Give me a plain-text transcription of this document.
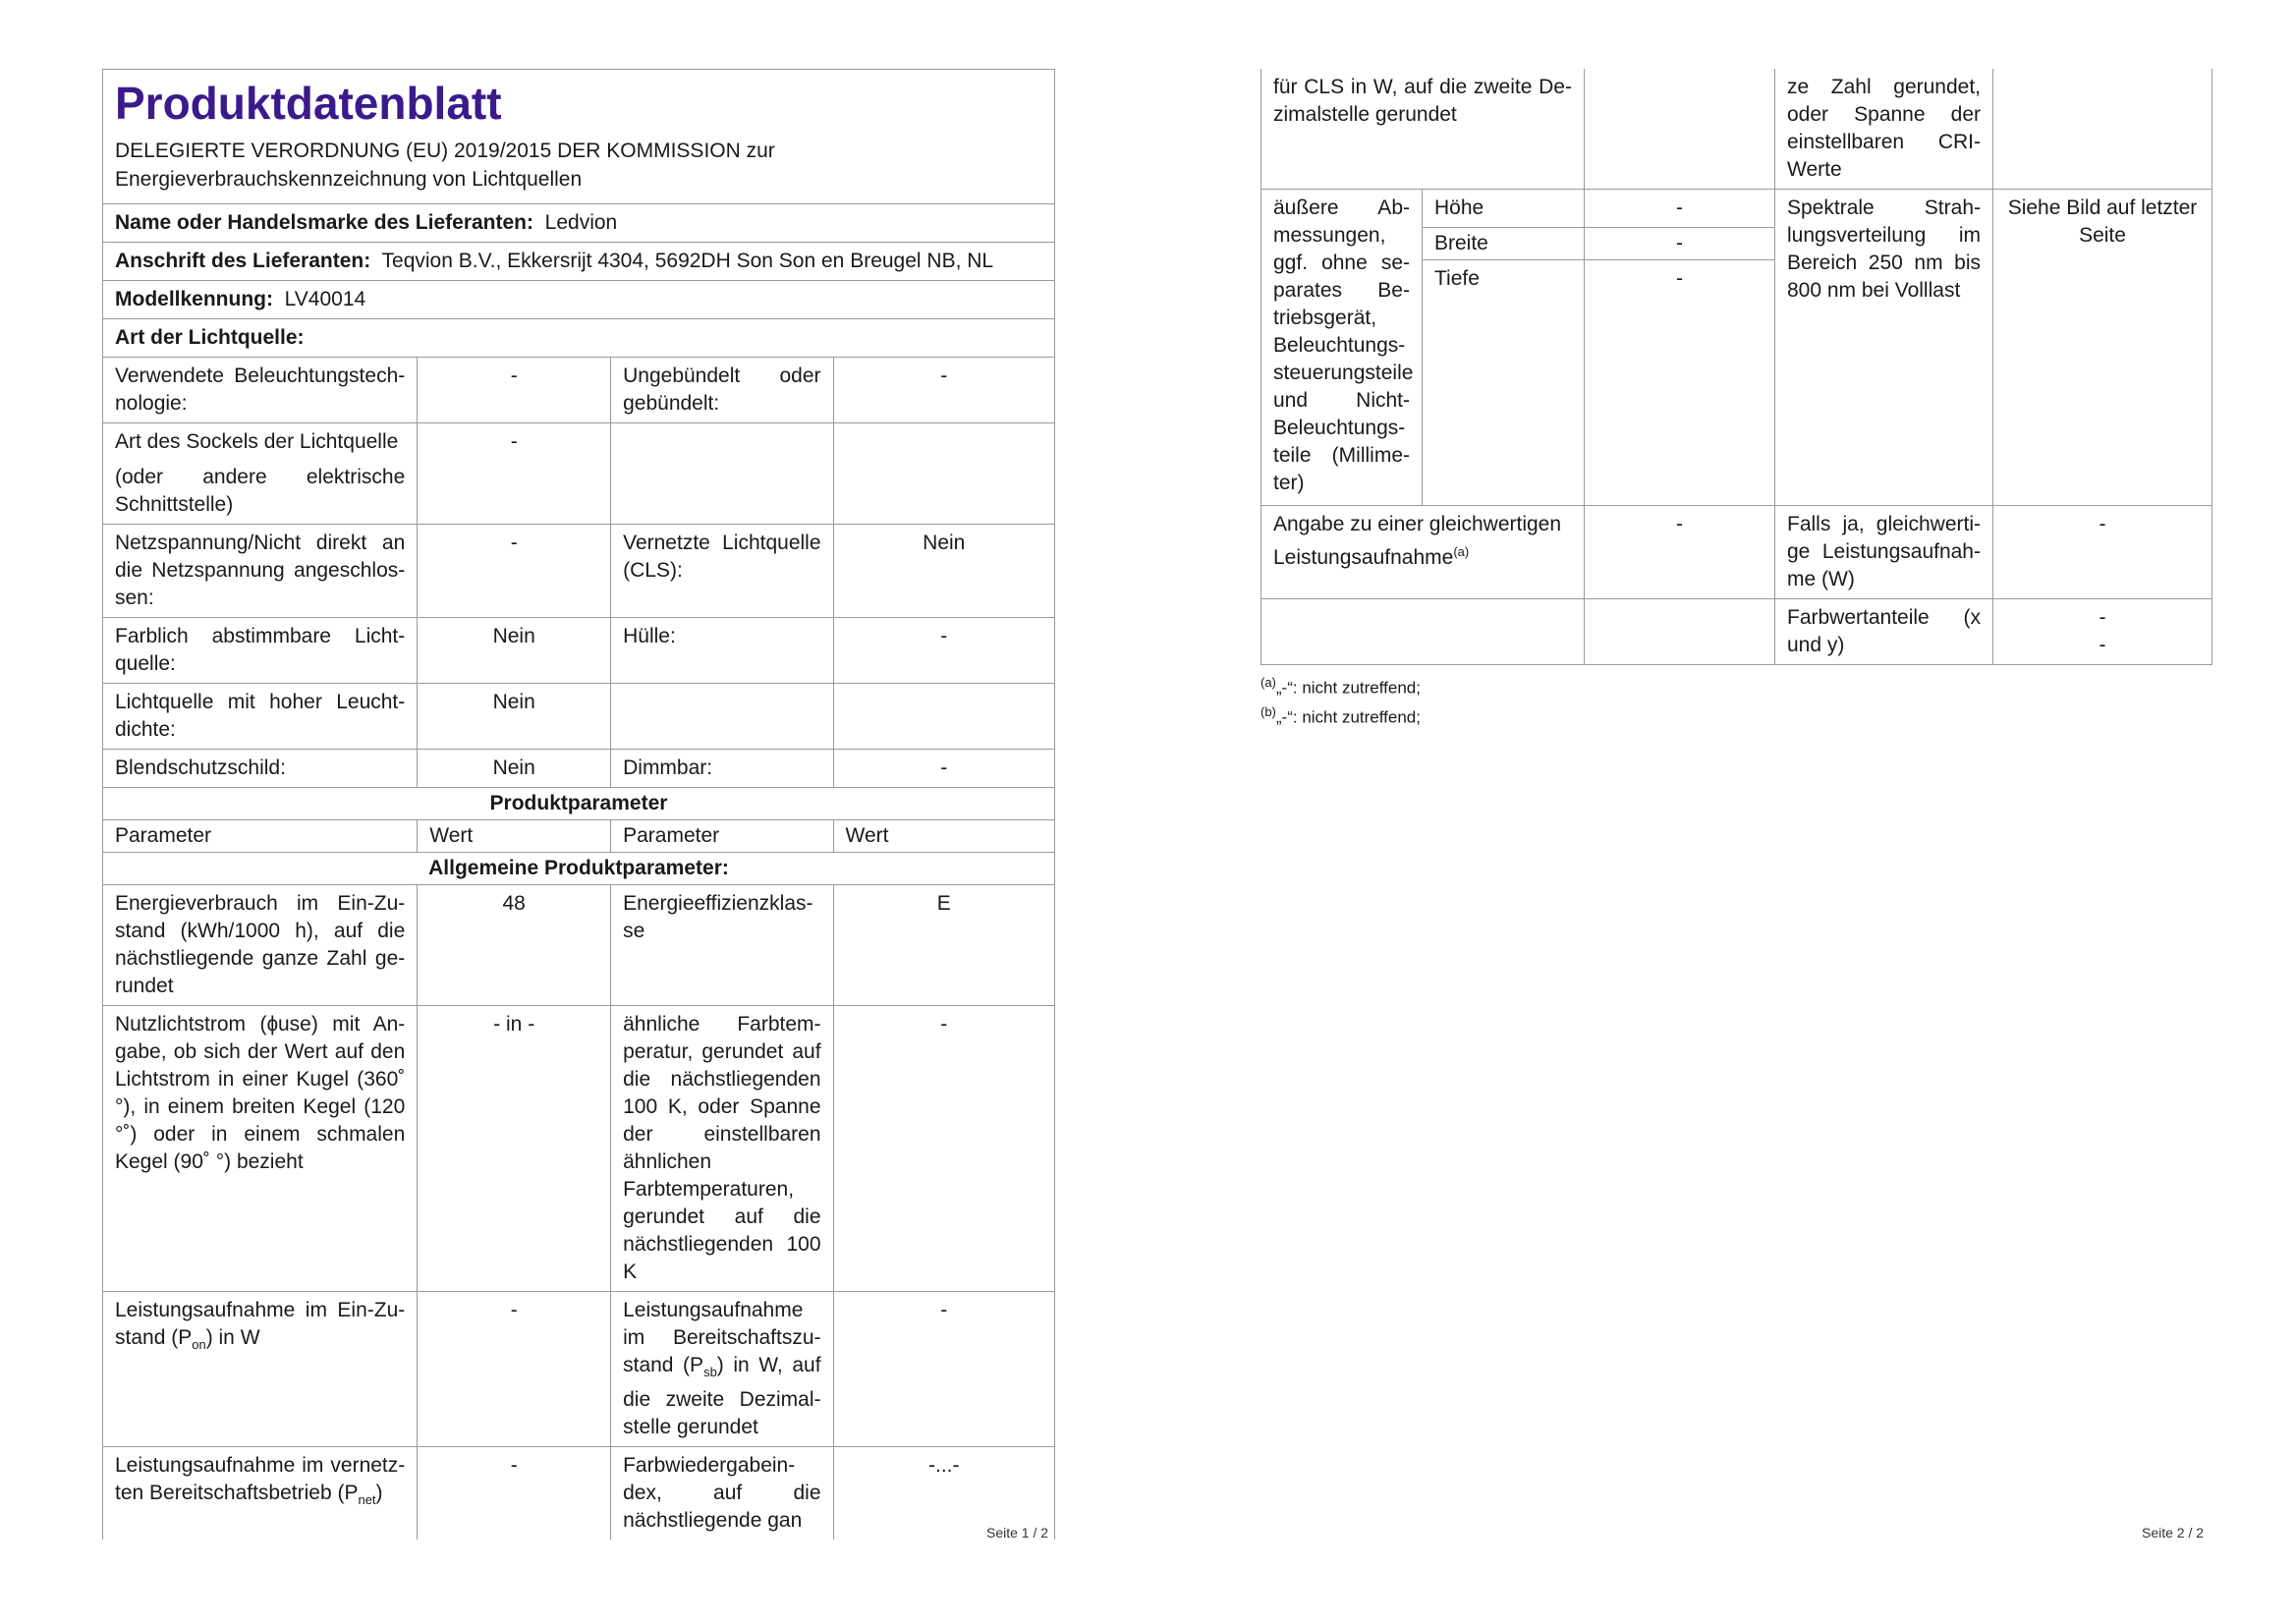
Produktdatenblatt
DELEGIERTE VERORDNUNG (EU) 2019/2015 DER KOMMISSION zur Energieverbrauchskennzeichnung von Lichtquellen			

Name oder Handelsmarke des Lieferanten: Ledvion			
Anschrift des Lieferanten: Teqvion B.V., Ekkersrijt 4304, 5692DH Son Son en Breugel NB, NL			
Modellkennung: LV40014			
Art der Lichtquelle:			
Verwendete Beleuchtungstechnologie:	-	Ungebündelt oder gebündelt:	-

Art des Sockels der Lichtquelle
(oder andere elektrische Schnittstelle)	-		
Netzspannung/Nicht direkt an die Netzspannung angeschlossen:	-	Vernetzte Lichtquelle (CLS):	Nein
Farblich abstimmbare Lichtquelle:	Nein	Hülle:	-
Lichtquelle mit hoher Leuchtdichte:	Nein		
Blendschutzschild:	Nein	Dimmbar:	-
Produktparameter			
Parameter	Wert	Parameter	Wert
Allgemeine Produktparameter:			
Energieverbrauch im Ein-Zustand (kWh/1000 h), auf die nächstliegende ganze Zahl gerundet	48	Energieeffizienzklasse	E
Nutzlichtstrom (ɸuse) mit Angabe, ob sich der Wert auf den Lichtstrom in einer Kugel (360˚ °), in einem breiten Kegel (120 °˚) oder in einem schmalen Kegel (90˚ °) bezieht	- in -	ähnliche Farbtemperatur, gerundet auf die nächstliegenden 100 K, oder Spanne der einstellbaren ähnlichen Farbtemperaturen, gerundet auf die nächstliegenden 100 K	-
Leistungsaufnahme im Ein-Zustand $(P_{on})$ in W	-	Leistungsaufnahme im Bereitschaftszustand $(P_{sb})$ in W, auf die zweite Dezimalstelle gerundet	-
Leistungsaufnahme im vernetzten Bereitschaftsbetrieb $(P_{net})$	-	Farbwiedergabeindex, auf die nächstliegende gan	-...-
Seite 1 / 2
für CLS in W, auf die zweite Dezimalstelle gerundet			ze Zahl gerundet, oder Spanne der einstellbaren CRI-Werte	
äußere Abmessungen, ggf. ohne separates Betriebsgerät, Beleuchtungssteuerungsteile und Nicht-Beleuchtungsteile (Millimeter)	Höhe	-	Spektrale Strahlungsverteilung im Bereich 250 nm bis 800 nm bei Volllast	Siehe Bild auf letzter Seite
	Breite	-		
	Tiefe	-		
Angabe zu einer gleichwertigen Leistungsaufnahme$^{(a)}$		-	Falls ja, gleichwertige Leistungsaufnahme (W)	-
			Farbwertanteile (x und y)	-
-
$^{(a)}$„-“: nicht zutreffend;
$^{(b)}$„-“: nicht zutreffend;
Seite 2 / 2
